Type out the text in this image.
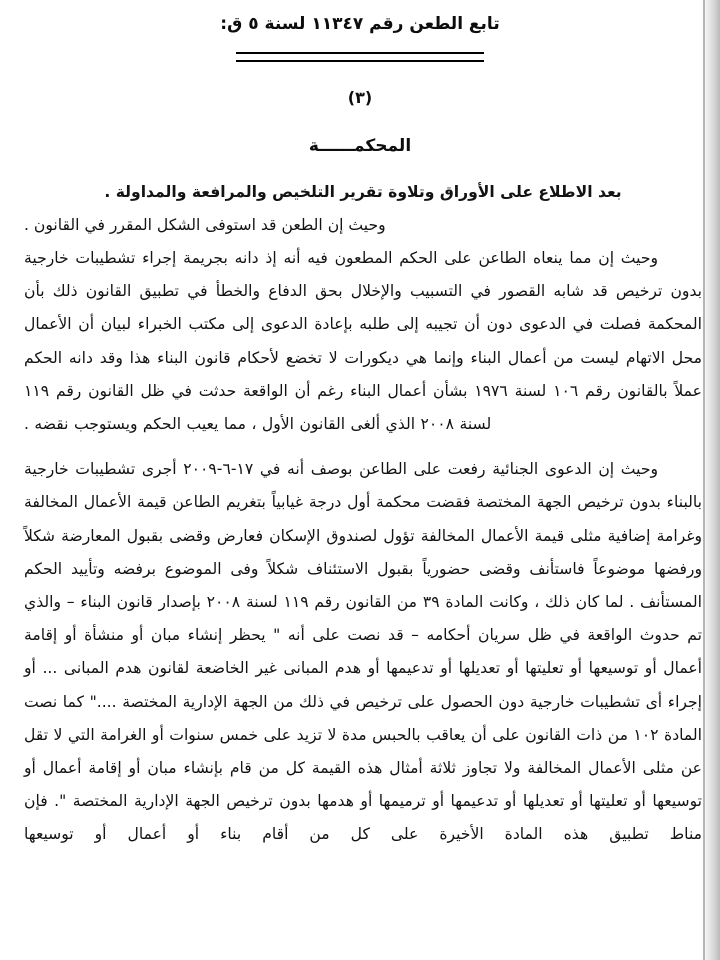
تابع الطعن رقم ١١٣٤٧ لسنة ٥ ق:
(٣)
المحكمــــــة
بعد الاطلاع على الأوراق وتلاوة تقرير التلخيص والمرافعة والمداولة .
وحيث إن الطعن قد استوفى الشكل المقرر في القانون .

وحيث إن مما ينعاه الطاعن على الحكم المطعون فيه أنه إذ دانه بجريمة إجراء تشطيبات خارجية بدون ترخيص قد شابه القصور في التسبيب والإخلال بحق الدفاع والخطأ في تطبيق القانون ذلك بأن المحكمة فصلت في الدعوى دون أن تجيبه إلى طلبه بإعادة الدعوى إلى مكتب الخبراء لبيان أن الأعمال محل الاتهام ليست من أعمال البناء وإنما هي ديكورات لا تخضع لأحكام قانون البناء هذا وقد دانه الحكم عملاً بالقانون رقم ١٠٦ لسنة ١٩٧٦ بشأن أعمال البناء رغم أن الواقعة حدثت في ظل القانون رقم ١١٩ لسنة ٢٠٠٨ الذي ألغى القانون الأول ، مما يعيب الحكم ويستوجب نقضه .

وحيث إن الدعوى الجنائية رفعت على الطاعن بوصف أنه في ١٧-٦-٢٠٠٩ أجرى تشطيبات خارجية بالبناء بدون ترخيص الجهة المختصة فقضت محكمة أول درجة غيابياً بتغريم الطاعن قيمة الأعمال المخالفة وغرامة إضافية مثلى قيمة الأعمال المخالفة تؤول لصندوق الإسكان فعارض وقضى بقبول المعارضة شكلاً ورفضها موضوعاً فاستأنف وقضى حضورياً بقبول الاستئناف شكلاً وفى الموضوع برفضه وتأييد الحكم المستأنف . لما كان ذلك ، وكانت المادة ٣٩ من القانون رقم ١١٩ لسنة ٢٠٠٨ بإصدار قانون البناء – والذي تم حدوث الواقعة في ظل سريان أحكامه – قد نصت على أنه " يحظر إنشاء مبان أو منشأة أو إقامة أعمال أو توسيعها أو تعليتها أو تعديلها أو تدعيمها أو هدم المبانى غير الخاضعة لقانون هدم المبانى ... أو إجراء أى تشطيبات خارجية دون الحصول على ترخيص في ذلك من الجهة الإدارية المختصة ...." كما نصت المادة ١٠٢ من ذات القانون على أن يعاقب بالحبس مدة لا تزيد على خمس سنوات أو الغرامة التي لا تقل عن مثلى الأعمال المخالفة ولا تجاوز ثلاثة أمثال هذه القيمة كل من قام بإنشاء مبان أو إقامة أعمال أو توسيعها أو تعليتها أو تعديلها أو تدعيمها أو ترميمها أو هدمها بدون ترخيص الجهة الإدارية المختصة ". فإن مناط تطبيق هذه المادة الأخيرة على كل من أقام بناء أو أعمال أو توسيعها
